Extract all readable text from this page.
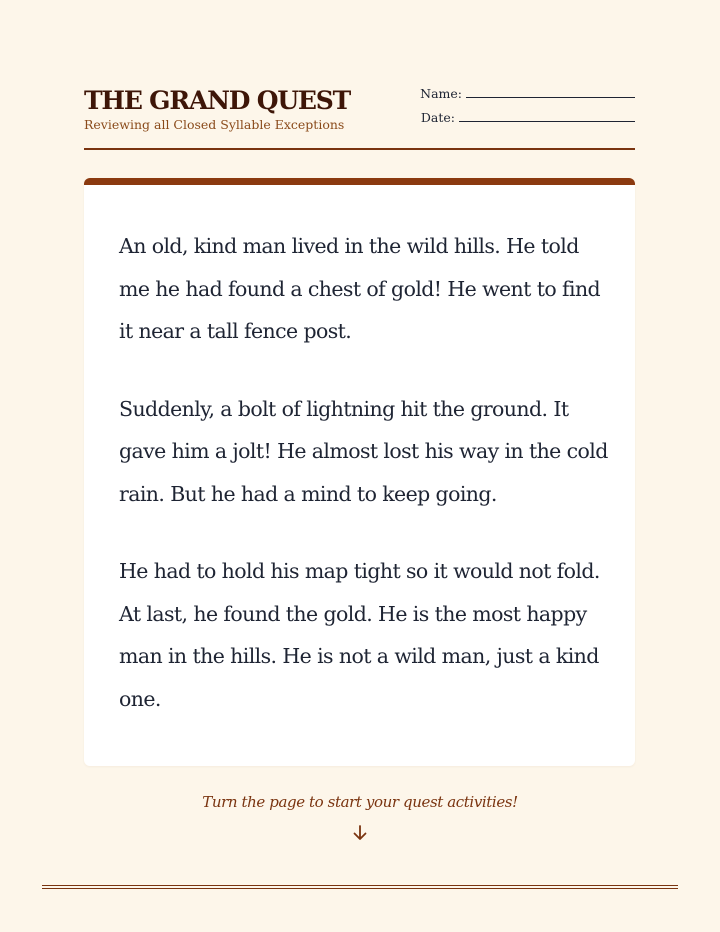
THE GRAND QUEST
Reviewing all Closed Syllable Exceptions
Name:
Date:

An old, kind man lived in the wild hills. He told me he had found a chest of gold! He went to find it near a tall fence post.

Suddenly, a bolt of lightning hit the ground. It gave him a jolt! He almost lost his way in the cold rain. But he had a mind to keep going.

He had to hold his map tight so it would not fold. At last, he found the gold. He is the most happy man in the hills. He is not a wild man, just a kind one.

Turn the page to start your quest activities!
